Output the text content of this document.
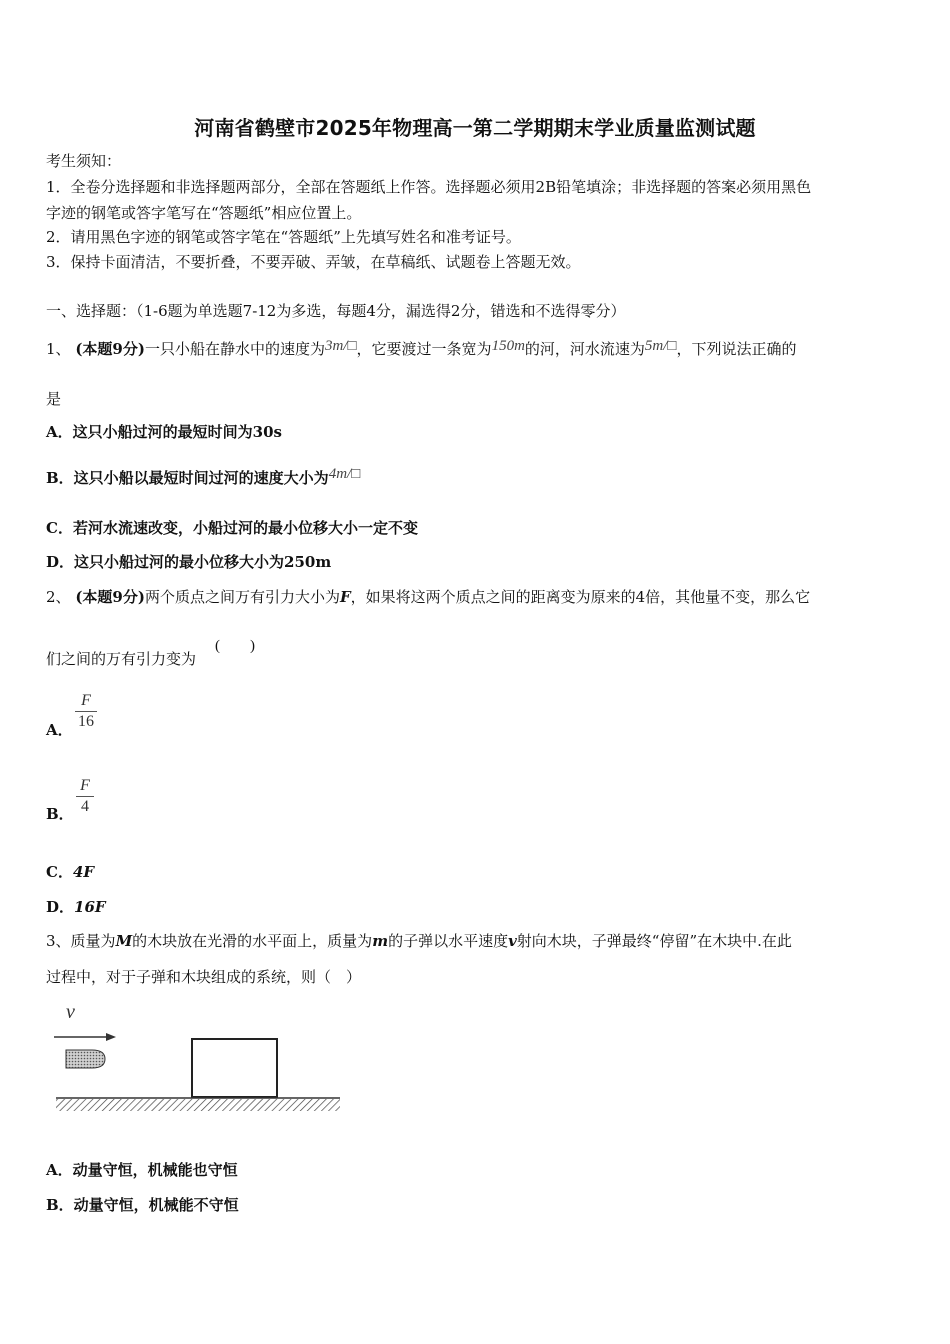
河南省鹤壁市2025年物理高一第二学期期末学业质量监测试题
考生须知：
1．全卷分选择题和非选择题两部分，全部在答题纸上作答。选择题必须用2B铅笔填涂；非选择题的答案必须用黑色
字迹的钢笔或答字笔写在“答题纸”相应位置上。
2．请用黑色字迹的钢笔或答字笔在“答题纸”上先填写姓名和准考证号。
3．保持卡面清洁，不要折叠，不要弄破、弄皱，在草稿纸、试题卷上答题无效。
一、选择题：（1-6题为单选题7-12为多选，每题4分，漏选得2分，错选和不选得零分）
1、 (本题9分)一只小船在静水中的速度为3m/□，它要渡过一条宽为150m的河，河水流速为5m/□，下列说法正确的
是
A．这只小船过河的最短时间为30s
B．这只小船以最短时间过河的速度大小为4m/□
C．若河水流速改变，小船过河的最小位移大小一定不变
D．这只小船过河的最小位移大小为250m
2、 (本题9分)两个质点之间万有引力大小为F，如果将这两个质点之间的距离变为原来的4倍，其他量不变，那么它
们之间的万有引力变为
(　　)
A．
F
16
B．
F
4
C．4F
D．16F
3、质量为M的木块放在光滑的水平面上，质量为m的子弹以水平速度v射向木块，子弹最终“停留”在木块中.在此
过程中，对于子弹和木块组成的系统，则（　）
v
A．动量守恒，机械能也守恒
B．动量守恒，机械能不守恒
